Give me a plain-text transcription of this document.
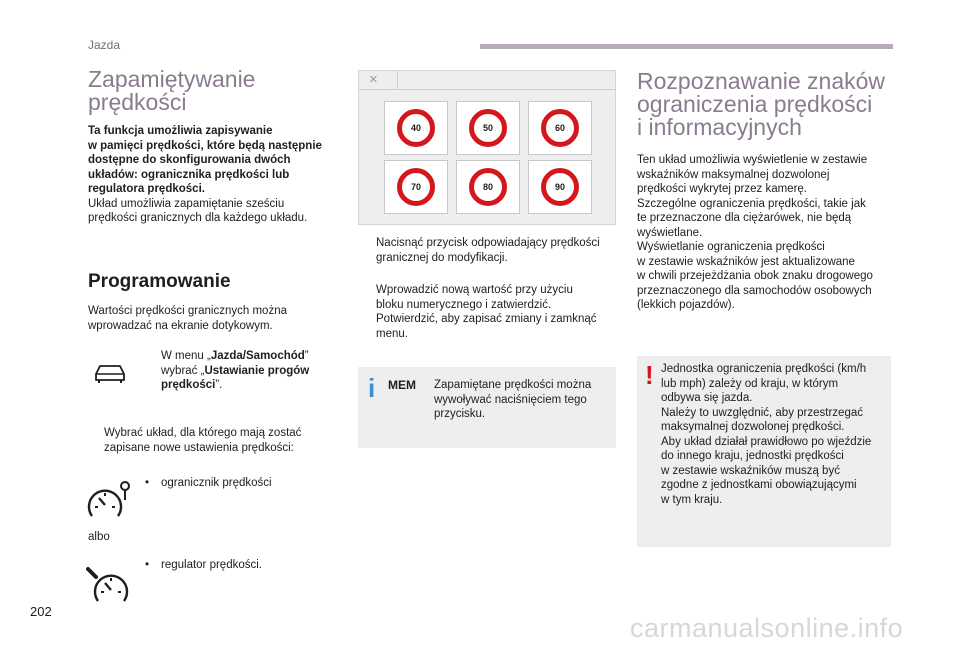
Jazda
Zapamiętywanie
prędkości
Ta funkcja umożliwia zapisywanie
w pamięci prędkości, które będą następnie
dostępne do skonfigurowania dwóch
układów: ogranicznika prędkości lub
regulatora prędkości.
Układ umożliwia zapamiętanie sześciu
prędkości granicznych dla każdego układu.
Programowanie
Wartości prędkości granicznych można
wprowadzać na ekranie dotykowym.
W menu „Jazda/Samochód”
wybrać „Ustawianie progów
prędkości”.
Wybrać układ, dla którego mają zostać
zapisane nowe ustawienia prędkości:
•	ogranicznik prędkości
albo
•	regulator prędkości.
×
40	50	60
70	80	90
Nacisnąć przycisk odpowiadający prędkości
granicznej do modyfikacji.
Wprowadzić nową wartość przy użyciu
bloku numerycznego i zatwierdzić.
Potwierdzić, aby zapisać zmiany i zamknąć
menu.
i MEM Zapamiętane prędkości można
wywoływać naciśnięciem tego
przycisku.
Rozpoznawanie znaków
ograniczenia prędkości
i informacyjnych
Ten układ umożliwia wyświetlenie w zestawie
wskaźników maksymalnej dozwolonej
prędkości wykrytej przez kamerę.
Szczególne ograniczenia prędkości, takie jak
te przeznaczone dla ciężarówek, nie będą
wyświetlane.
Wyświetlanie ograniczenia prędkości
w zestawie wskaźników jest aktualizowane
w chwili przejeżdżania obok znaku drogowego
przeznaczonego dla samochodów osobowych
(lekkich pojazdów).
! Jednostka ograniczenia prędkości (km/h
lub mph) zależy od kraju, w którym
odbywa się jazda.
Należy to uwzględnić, aby przestrzegać
maksymalnej dozwolonej prędkości.
Aby układ działał prawidłowo po wjeździe
do innego kraju, jednostki prędkości
w zestawie wskaźników muszą być
zgodne z jednostkami obowiązującymi
w tym kraju.
202
carmanualsonline.info
